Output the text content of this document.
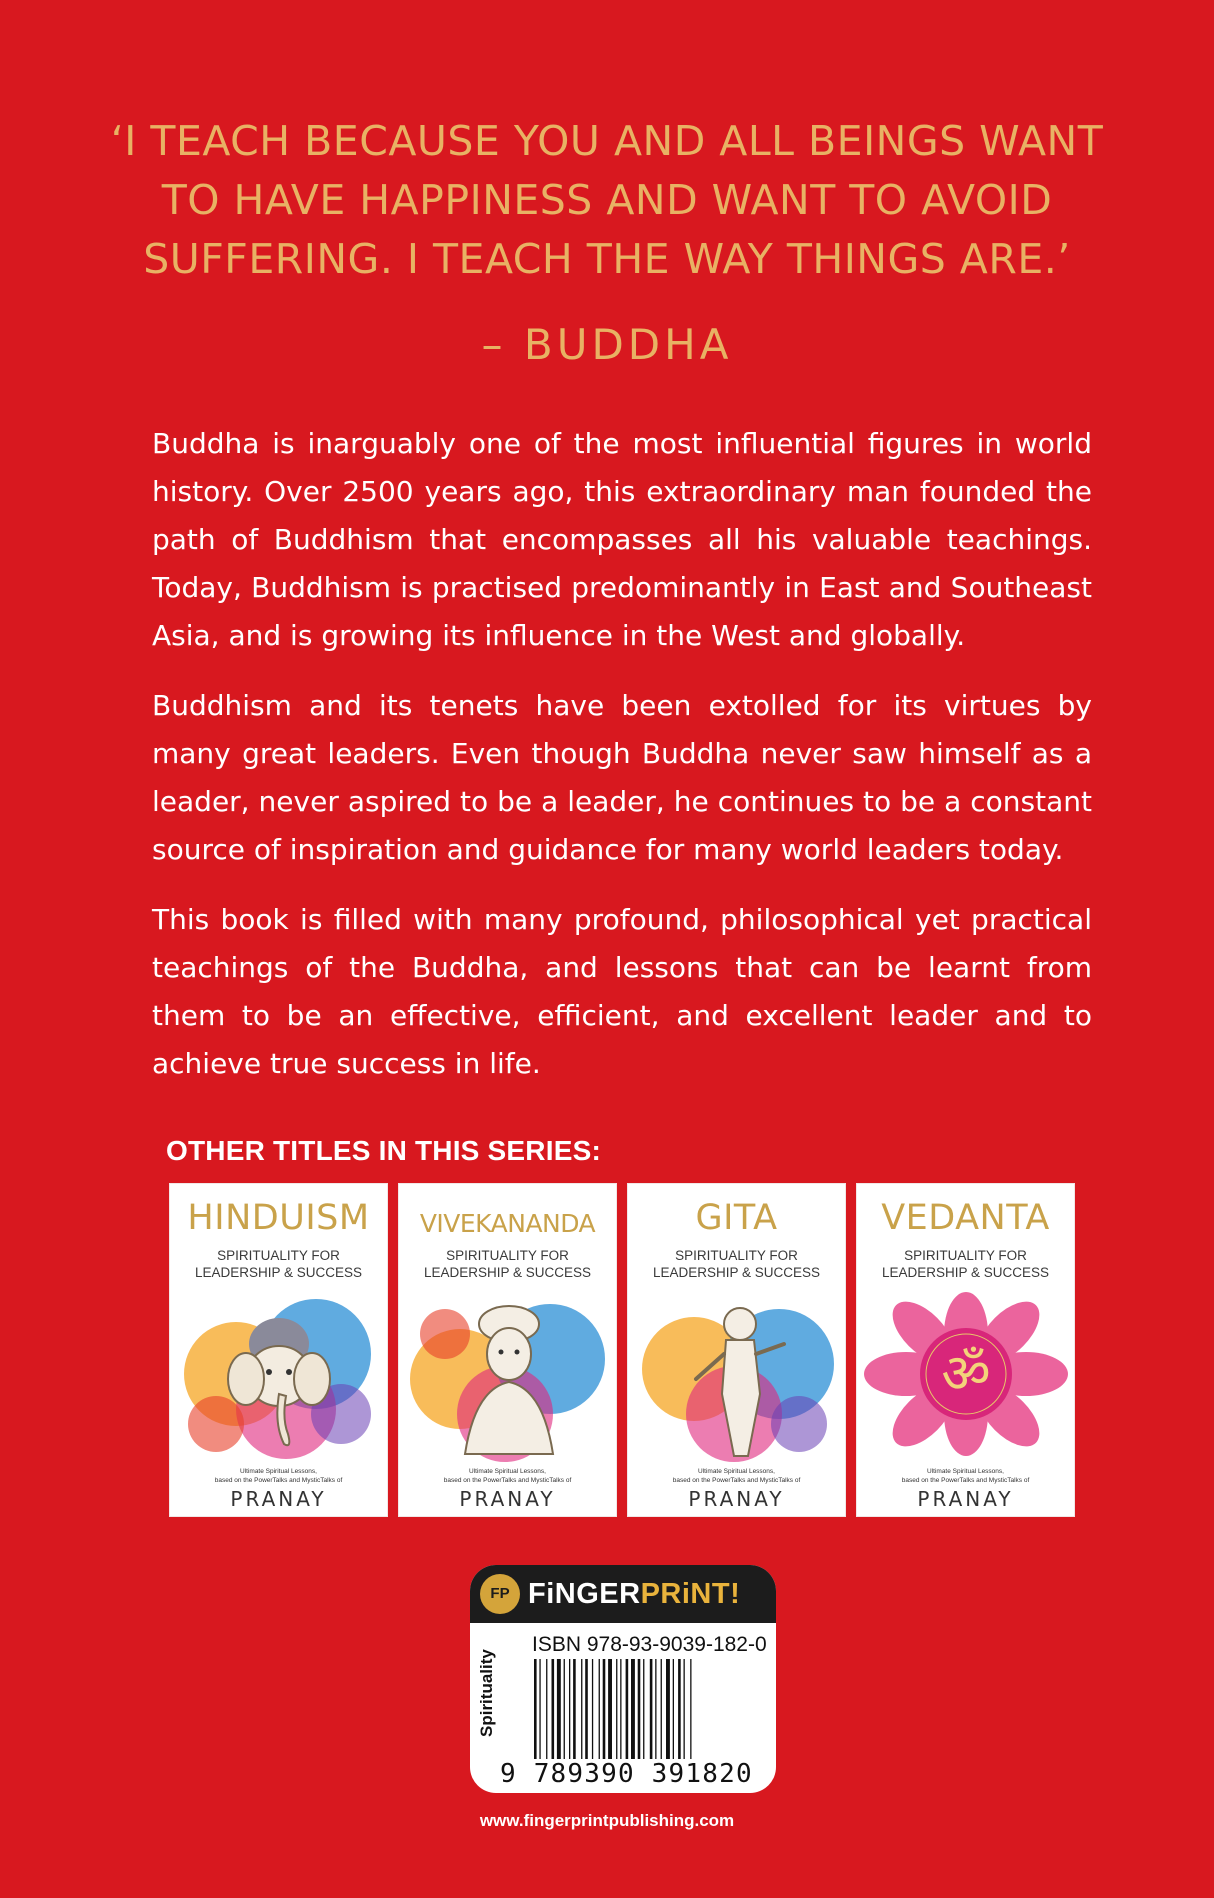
‘I TEACH BECAUSE YOU AND ALL BEINGS WANT
TO HAVE HAPPINESS AND WANT TO AVOID
SUFFERING. I TEACH THE WAY THINGS ARE.’

– BUDDHA

Buddha is inarguably one of the most influential figures in world history. Over 2500 years ago, this extraordinary man founded the path of Buddhism that encompasses all his valuable teachings. Today, Buddhism is practised predominantly in East and Southeast Asia, and is growing its influence in the West and globally.

Buddhism and its tenets have been extolled for its virtues by many great leaders. Even though Buddha never saw himself as a leader, never aspired to be a leader, he continues to be a constant source of inspiration and guidance for many world leaders today.

This book is filled with many profound, philosophical yet practical teachings of the Buddha, and lessons that can be learnt from them to be an effective, efficient, and excellent leader and to achieve true success in life.

OTHER TITLES IN THIS SERIES:

HINDUISM
SPIRITUALITY FOR
LEADERSHIP & SUCCESS
Ultimate Spiritual Lessons,
based on the PowerTalks and MysticTalks of
PRANAY
VIVEKANANDA
SPIRITUALITY FOR
LEADERSHIP & SUCCESS
Ultimate Spiritual Lessons,
based on the PowerTalks and MysticTalks of
PRANAY
GITA
SPIRITUALITY FOR
LEADERSHIP & SUCCESS
Ultimate Spiritual Lessons,
based on the PowerTalks and MysticTalks of
PRANAY
VEDANTA
SPIRITUALITY FOR
LEADERSHIP & SUCCESS
ॐ
Ultimate Spiritual Lessons,
based on the PowerTalks and MysticTalks of
PRANAY
FP FiNGERPRiNT!
Spirituality
ISBN 978-93-9039-182-0
9 789390 391820

www.fingerprintpublishing.com
